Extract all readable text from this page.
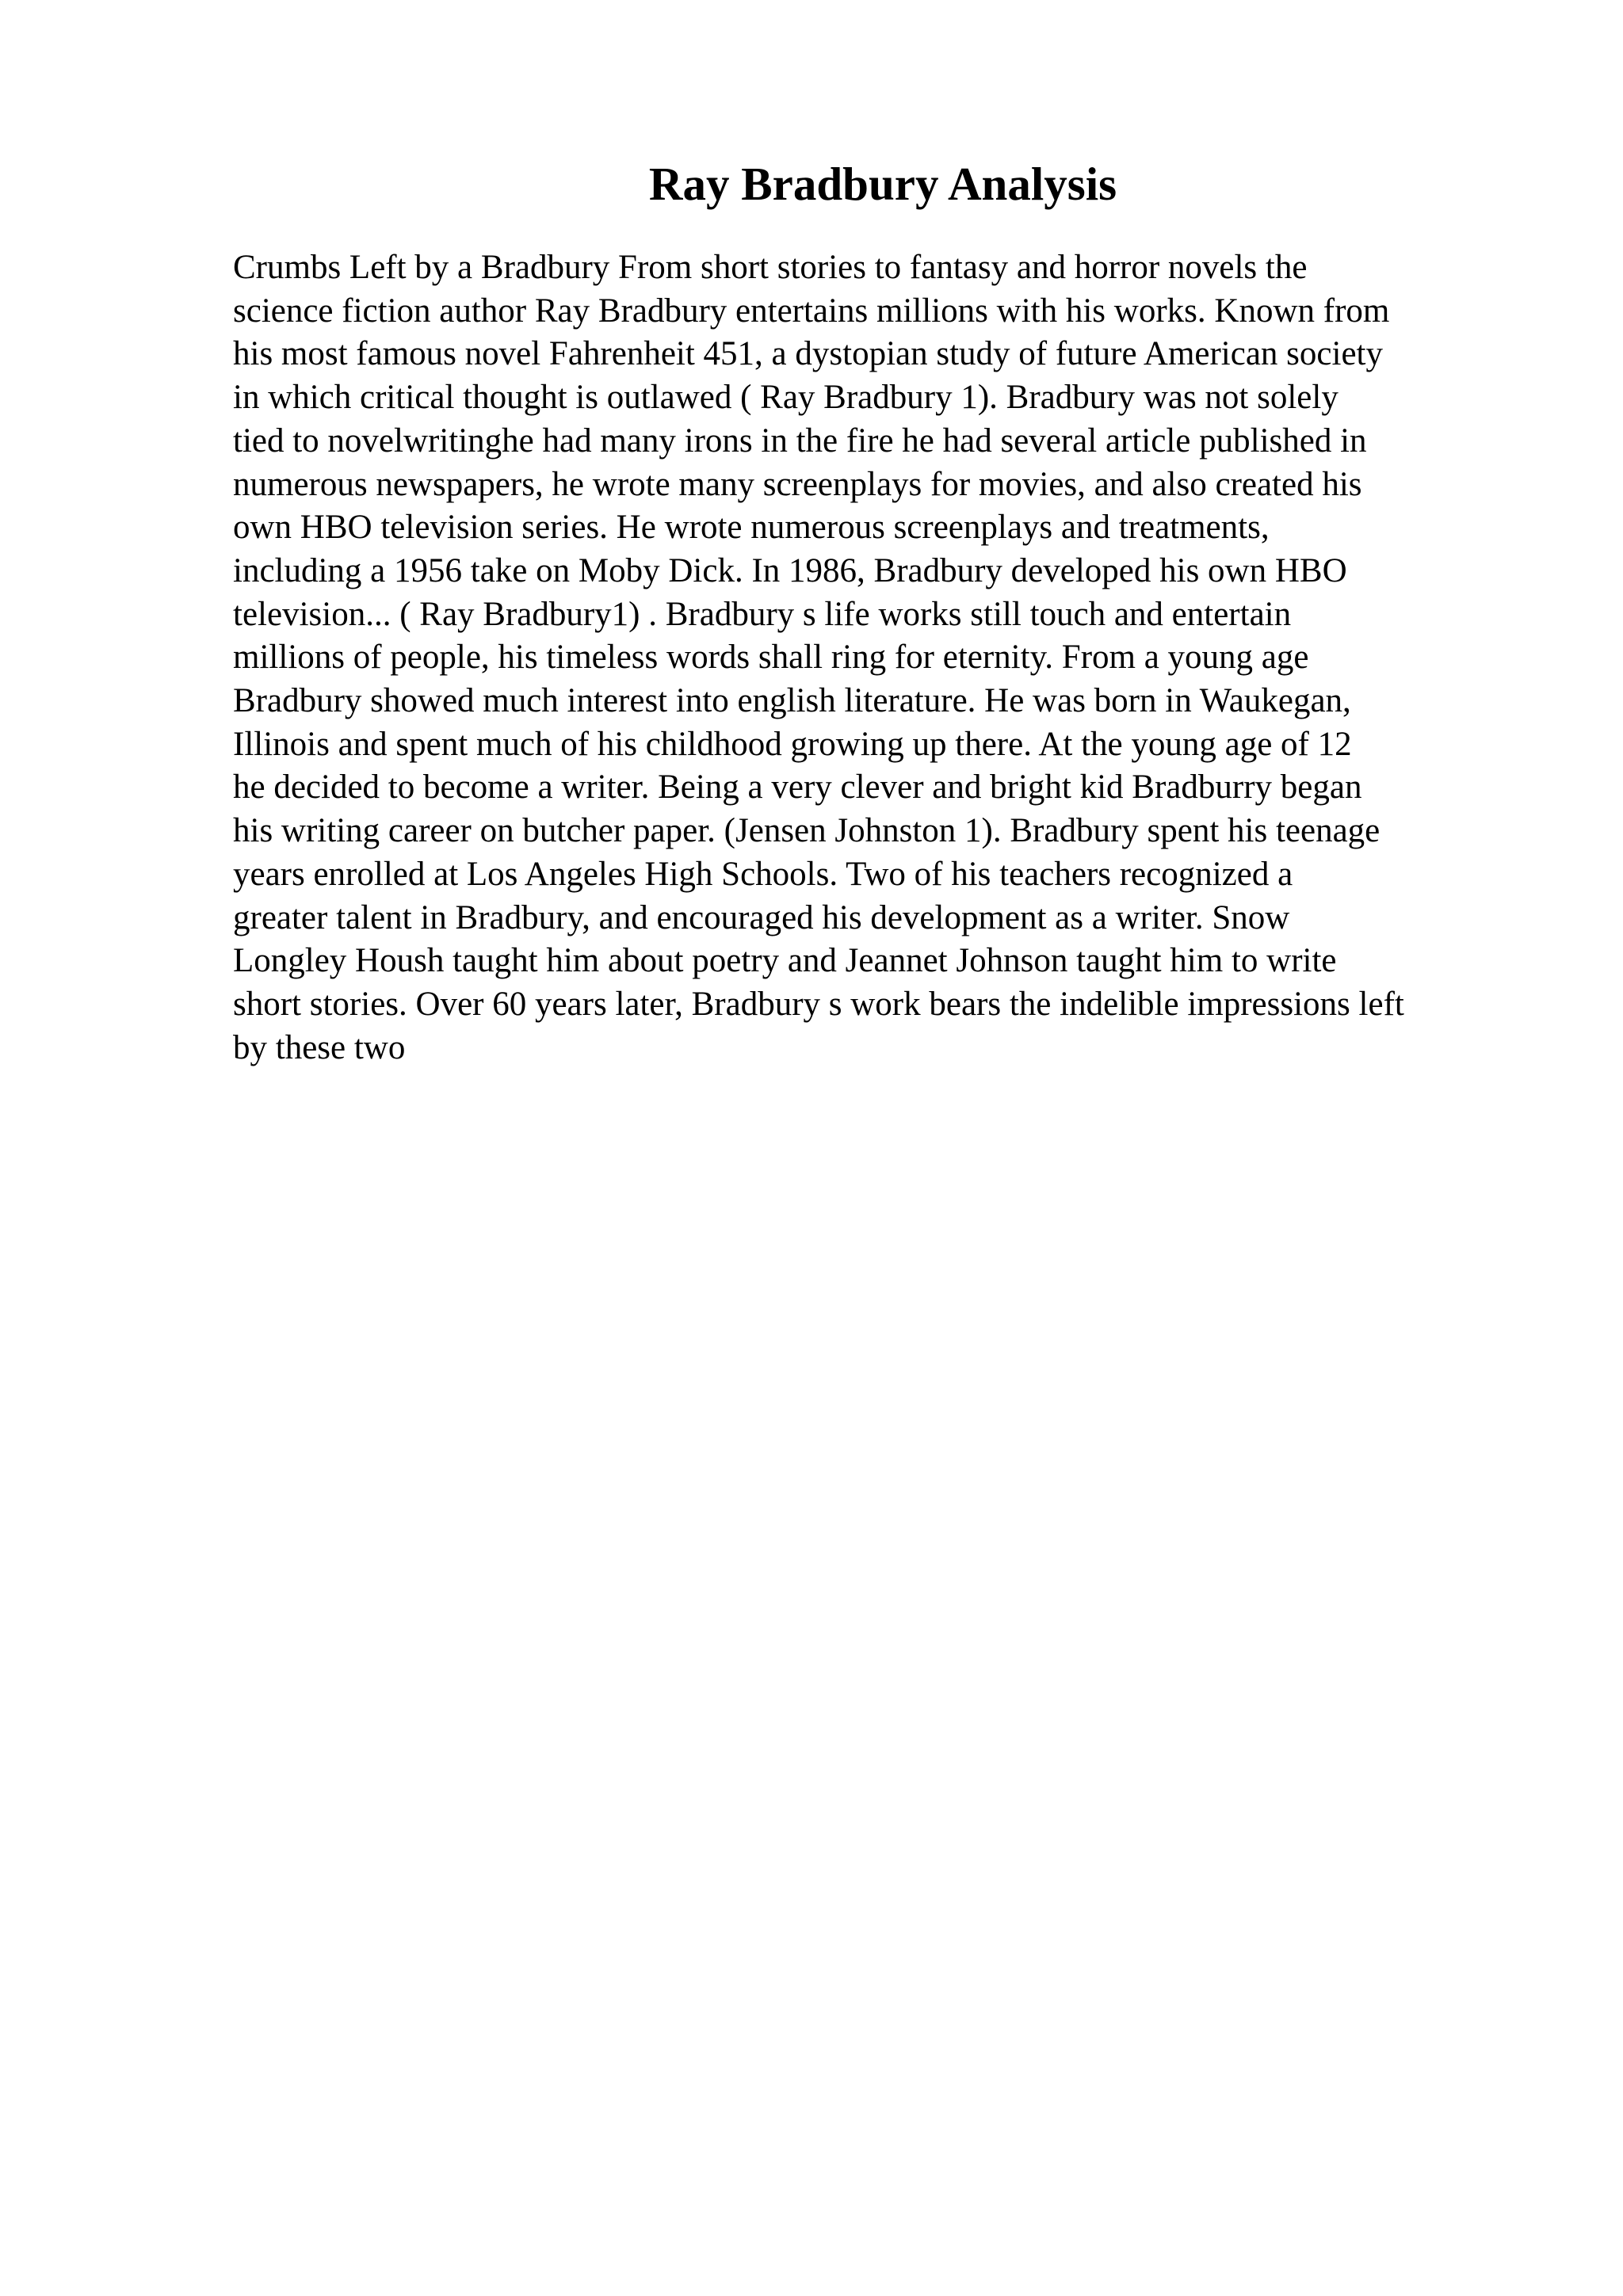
Ray Bradbury Analysis
Crumbs Left by a Bradbury From short stories to fantasy and horror novels the
science fiction author Ray Bradbury entertains millions with his works. Known from
his most famous novel Fahrenheit 451, a dystopian study of future American society
in which critical thought is outlawed ( Ray Bradbury 1). Bradbury was not solely
tied to novelwritinghe had many irons in the fire he had several article published in
numerous newspapers, he wrote many screenplays for movies, and also created his
own HBO television series. He wrote numerous screenplays and treatments,
including a 1956 take on Moby Dick. In 1986, Bradbury developed his own HBO
television... ( Ray Bradbury1) . Bradbury s life works still touch and entertain
millions of people, his timeless words shall ring for eternity. From a young age
Bradbury showed much interest into english literature. He was born in Waukegan,
Illinois and spent much of his childhood growing up there. At the young age of 12
he decided to become a writer. Being a very clever and bright kid Bradburry began
his writing career on butcher paper. (Jensen Johnston 1). Bradbury spent his teenage
years enrolled at Los Angeles High Schools. Two of his teachers recognized a
greater talent in Bradbury, and encouraged his development as a writer. Snow
Longley Housh taught him about poetry and Jeannet Johnson taught him to write
short stories. Over 60 years later, Bradbury s work bears the indelible impressions left
by these two
